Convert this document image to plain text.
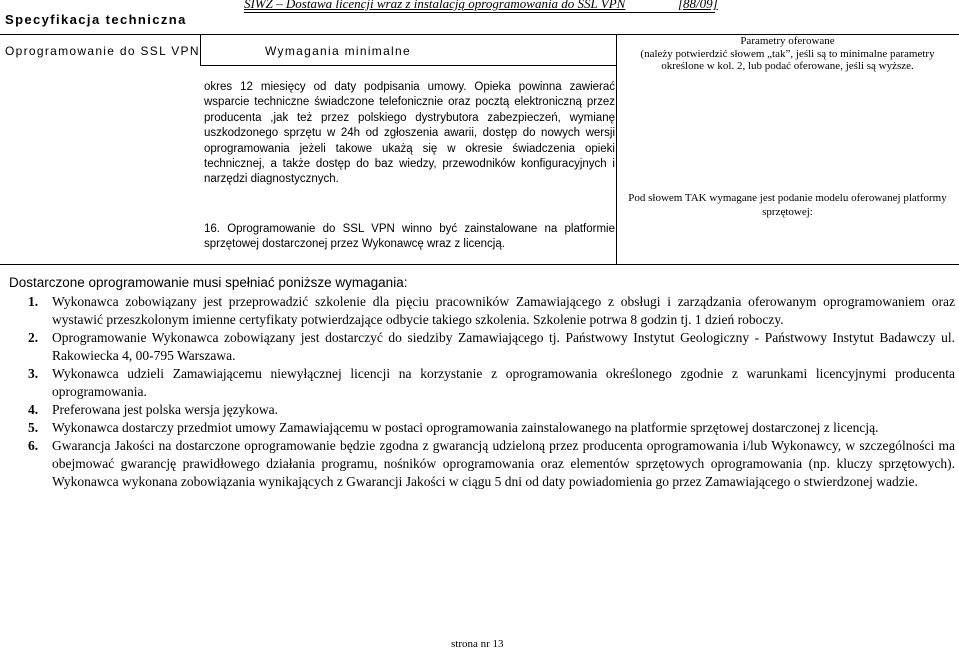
Specyfikacja techniczna
SIWZ – Dostawa licencji wraz z instalacją oprogramowania do SSL VPN	[88/09]
Oprogramowanie do SSL VPN	Wymagania minimalne
Parametry oferowane
(należy potwierdzić słowem „tak”, jeśli są to minimalne parametry
określone w kol. 2, lub podać oferowane, jeśli są wyższe.

okres 12 miesięcy od daty podpisania umowy. Opieka powinna zawierać

wsparcie techniczne świadczone telefonicznie oraz pocztą elektroniczną przez

producenta ,jak też przez polskiego dystrybutora zabezpieczeń, wymianę

uszkodzonego sprzętu w 24h od zgłoszenia awarii, dostęp do nowych wersji

oprogramowania jeżeli takowe ukażą się w okresie świadczenia opieki

technicznej, a także dostęp do baz wiedzy, przewodników konfiguracyjnych i

narzędzi diagnostycznych.

16. Oprogramowanie do SSL VPN winno być zainstalowane na platformie

sprzętowej dostarczonej przez Wykonawcę wraz z licencją.

Pod słowem TAK wymagane jest podanie modelu oferowanej platformy
sprzętowej:
Dostarczone oprogramowanie musi spełniać poniższe wymagania:
1. Wykonawca zobowiązany jest przeprowadzić szkolenie dla pięciu pracowników Zamawiającego z obsługi i zarządzania oferowanym oprogramowaniem oraz wystawić przeszkolonym imienne certyfikaty potwierdzające odbycie takiego szkolenia. Szkolenie potrwa 8 godzin tj. 1 dzień roboczy.
2. Oprogramowanie Wykonawca zobowiązany jest dostarczyć do siedziby Zamawiającego tj. Państwowy Instytut Geologiczny - Państwowy Instytut Badawczy ul. Rakowiecka 4, 00-795 Warszawa.
3. Wykonawca udzieli Zamawiającemu niewyłącznej licencji na korzystanie z oprogramowania określonego zgodnie z warunkami licencyjnymi producenta oprogramowania.
4. Preferowana jest polska wersja językowa.
5. Wykonawca dostarczy przedmiot umowy Zamawiającemu w postaci oprogramowania zainstalowanego na platformie sprzętowej dostarczonej z licencją.
6. Gwarancja Jakości na dostarczone oprogramowanie będzie zgodna z gwarancją udzieloną przez producenta oprogramowania i/lub Wykonawcy, w szczególności ma obejmować gwarancję prawidłowego działania programu, nośników oprogramowania oraz elementów sprzętowych oprogramowania (np. kluczy sprzętowych). Wykonawca wykonana zobowiązania wynikających z Gwarancji Jakości w ciągu 5 dni od daty powiadomienia go przez Zamawiającego o stwierdzonej wadzie.
strona nr 13
